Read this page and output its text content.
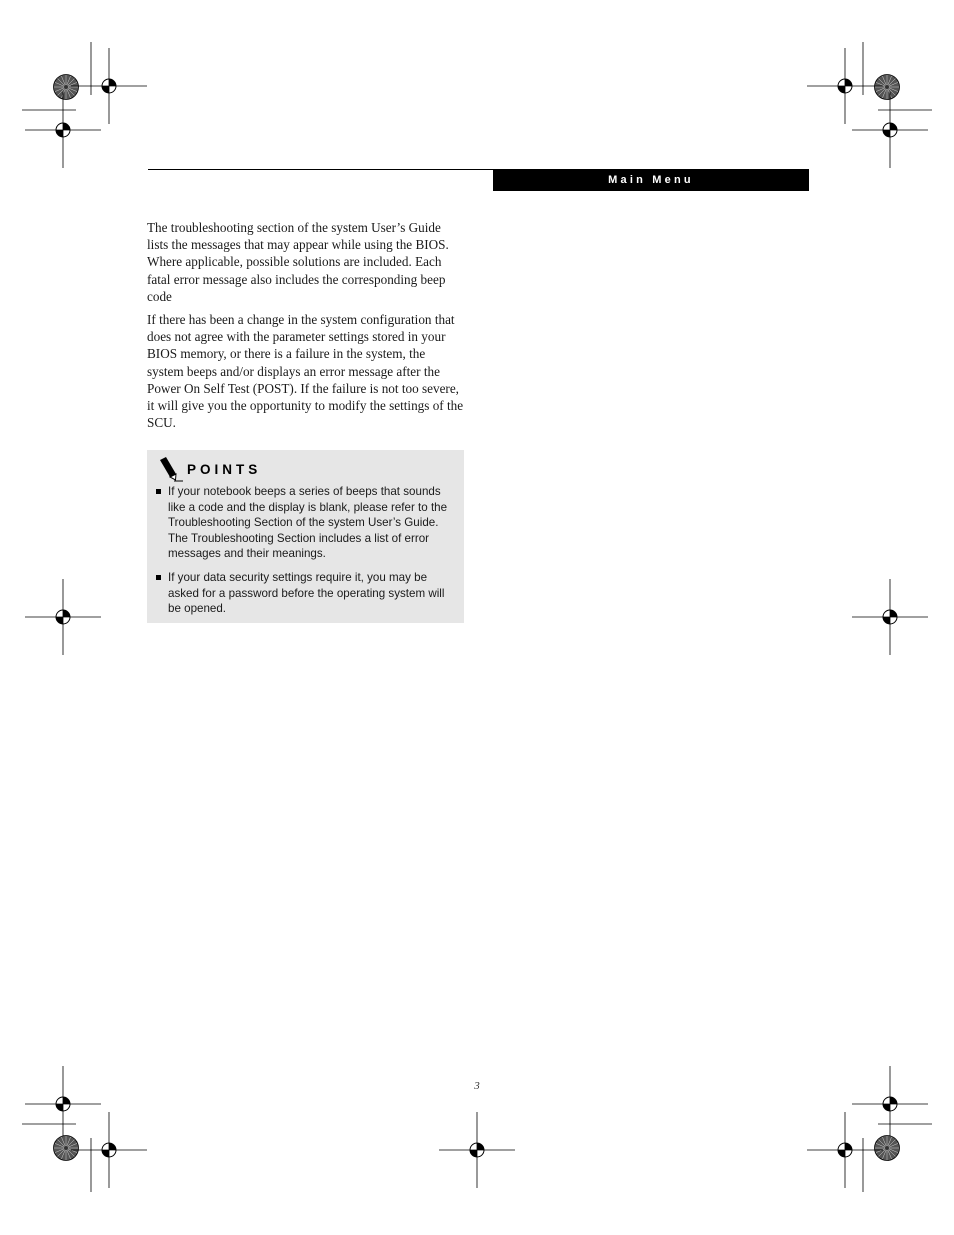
Main Menu

The troubleshooting section of the system User’s Guide lists the messages that may appear while using the BIOS. Where applicable, possible solutions are included. Each fatal error message also includes the corresponding beep code

If there has been a change in the system configuration that does not agree with the parameter settings stored in your BIOS memory, or there is a failure in the system, the system beeps and/or displays an error message after the Power On Self Test (POST). If the failure is not too severe, it will give you the opportunity to modify the settings of the SCU.

POINTS
If your notebook beeps a series of beeps that sounds like a code and the display is blank, please refer to the Troubleshooting Section of the system User’s Guide. The Troubleshooting Section includes a list of error messages and their meanings.
If your data security settings require it, you may be asked for a password before the operating system will be opened.
3
